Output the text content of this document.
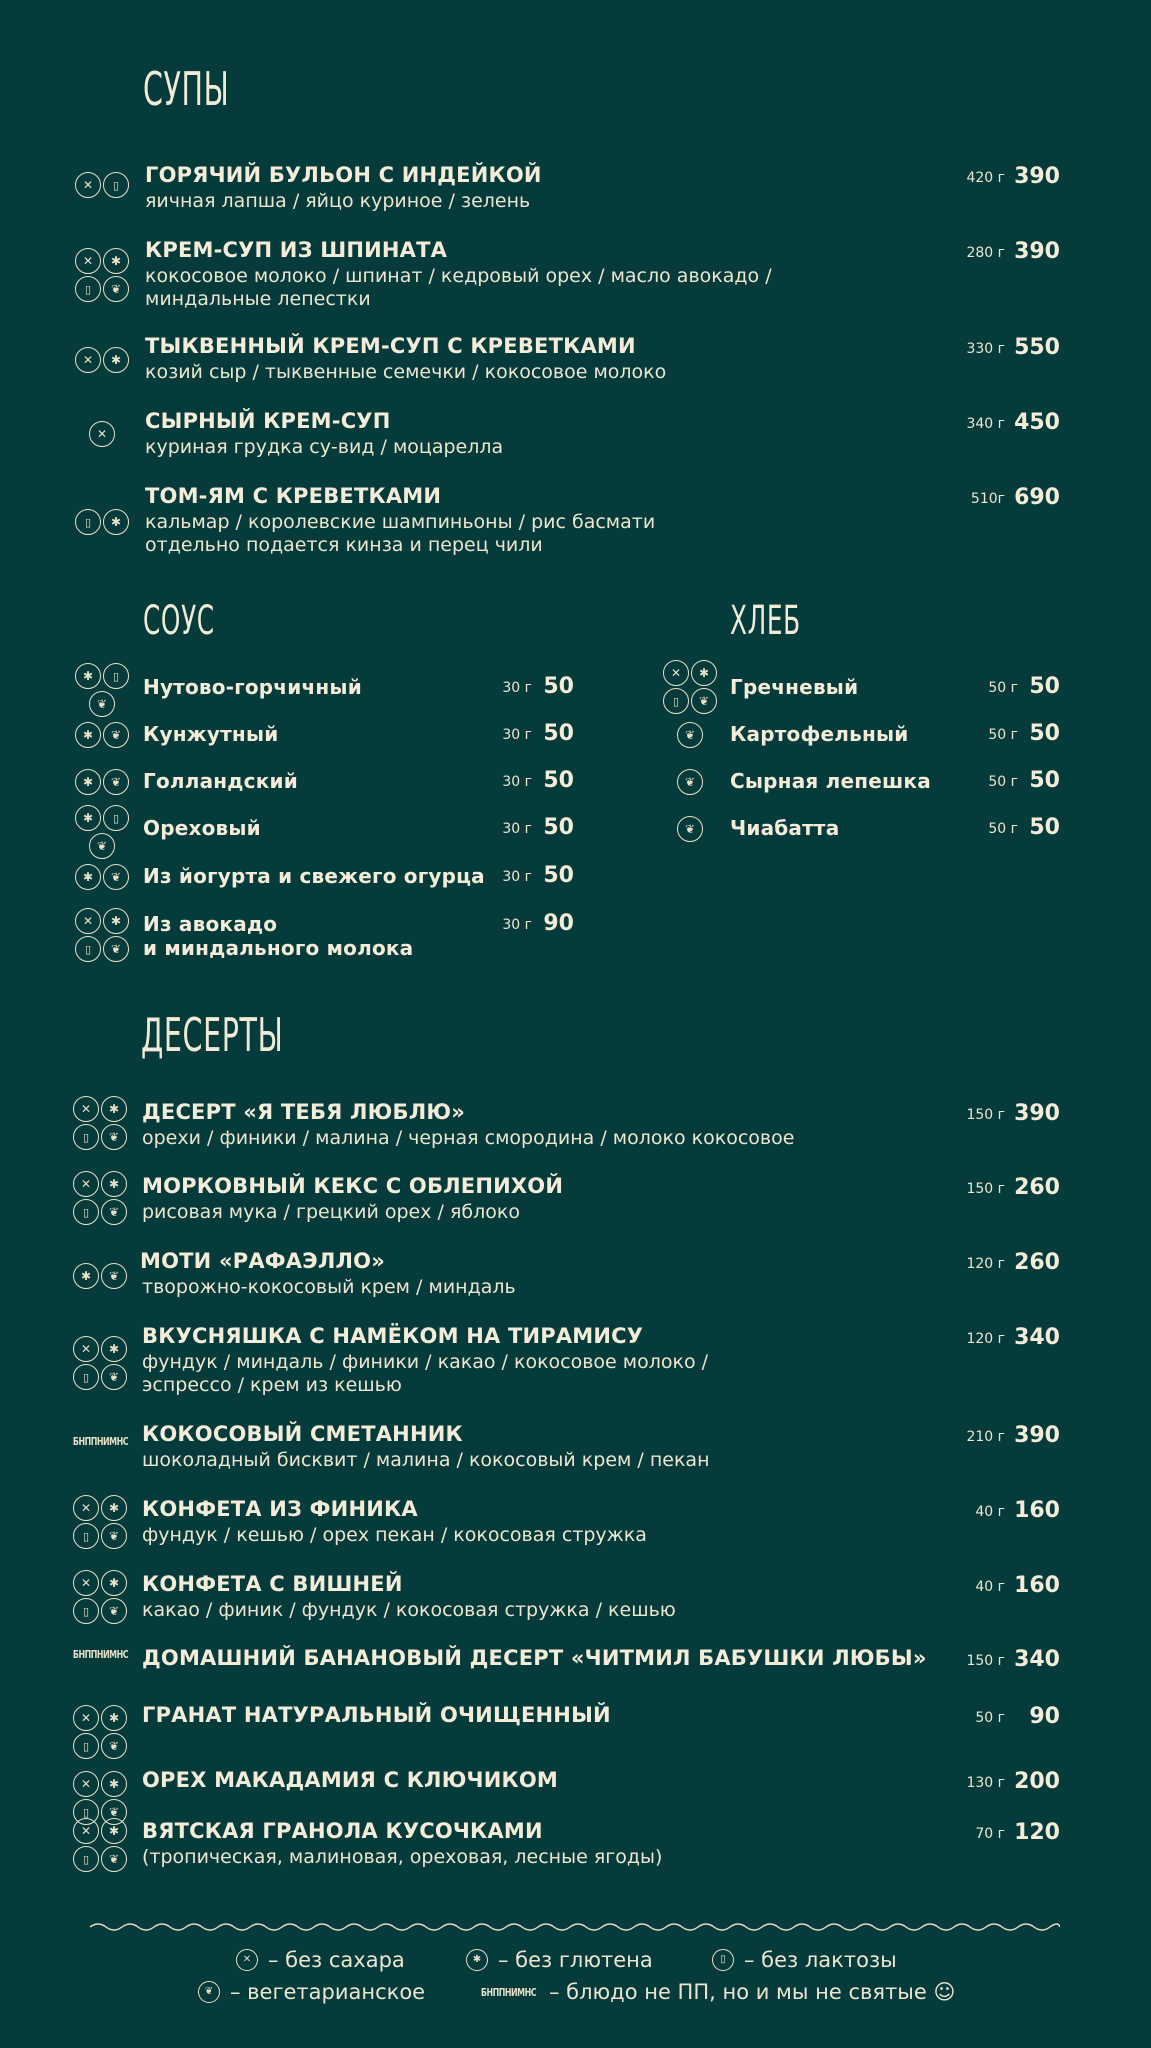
СУПЫ
✕	▯	ГОРЯЧИЙ БУЛЬОН С ИНДЕЙКОЙ
яичная лапша / яйцо куриное / зелень
420 г 390
✕	✱
▯	❦
КРЕМ-СУП ИЗ ШПИНАТА
кокосовое молоко / шпинат / кедровый орех / масло авокадо /
миндальные лепестки
280 г 390
✕	✱
ТЫКВЕННЫЙ КРЕМ-СУП С КРЕВЕТКАМИ
козий сыр / тыквенные семечки / кокосовое молоко
330 г 550
✕
СЫРНЫЙ КРЕМ-СУП
куриная грудка су-вид / моцарелла
340 г 450
▯	✱
ТОМ-ЯМ С КРЕВЕТКАМИ
кальмар / королевские шампиньоны / рис басмати
отдельно подается кинза и перец чили
510г 690
СОУС	ХЛЕБ
✱	▯
❦
Нутово-горчичный	30 г 50
✱	❦	Кунжутный	30 г 50
✱	❦	Голландский	30 г 50
✱	▯
❦
Ореховый	30 г 50
✱	❦	Из йогурта и свежего огурца	30 г 50
✕	✱
▯	❦
Из авокадо
и миндального молока
30 г 90
✕	✱
▯	❦
Гречневый	50 г 50
❦	Картофельный	50 г 50
❦	Сырная лепешка	50 г 50
❦	Чиабатта	50 г 50
ДЕСЕРТЫ
✕	✱
▯	❦
ДЕСЕРТ «Я ТЕБЯ ЛЮБЛЮ»
орехи / финики / малина / черная смородина / молоко кокосовое
150 г 390
✕	✱
▯	❦
МОРКОВНЫЙ КЕКС С ОБЛЕПИХОЙ
рисовая мука / грецкий орех / яблоко
150 г 260
✱	❦
МОТИ «РАФАЭЛЛО»
творожно-кокосовый крем / миндаль
120 г 260
✕	✱
▯	❦
ВКУСНЯШКА С НАМЁКОМ НА ТИРАМИСУ
фундук / миндаль / финики / какао / кокосовое молоко /
эспрессо / крем из кешью
120 г 340
БНППНИМНС КОКОСОВЫЙ СМЕТАННИК
шоколадный бисквит / малина / кокосовый крем / пекан
210 г 390
✕	✱
▯	❦
КОНФЕТА ИЗ ФИНИКА
фундук / кешью / орех пекан / кокосовая стружка
40 г 160
✕	✱
▯	❦
КОНФЕТА С ВИШНЕЙ
какао / финик / фундук / кокосовая стружка / кешью
40 г 160
БНППНИМНС ДОМАШНИЙ БАНАНОВЫЙ ДЕСЕРТ «ЧИТМИЛ БАБУШКИ ЛЮБЫ»	150 г 340
✕	✱
▯	❦
ГРАНАТ НАТУРАЛЬНЫЙ ОЧИЩЕННЫЙ	50 г	90
✕	✱
▯	❦
ОРЕХ МАКАДАМИЯ С КЛЮЧИКОМ	130 г 200
✕	✱
▯	❦
ВЯТСКАЯ ГРАНОЛА КУСОЧКАМИ
(тропическая, малиновая, ореховая, лесные ягоды)
70 г 120
✕ – без сахара	✱ – без глютена	▯ – без лактозы
❦ – вегетарианское	БНППНИМНС – блюдо не ПП, но и мы не святые ☺
